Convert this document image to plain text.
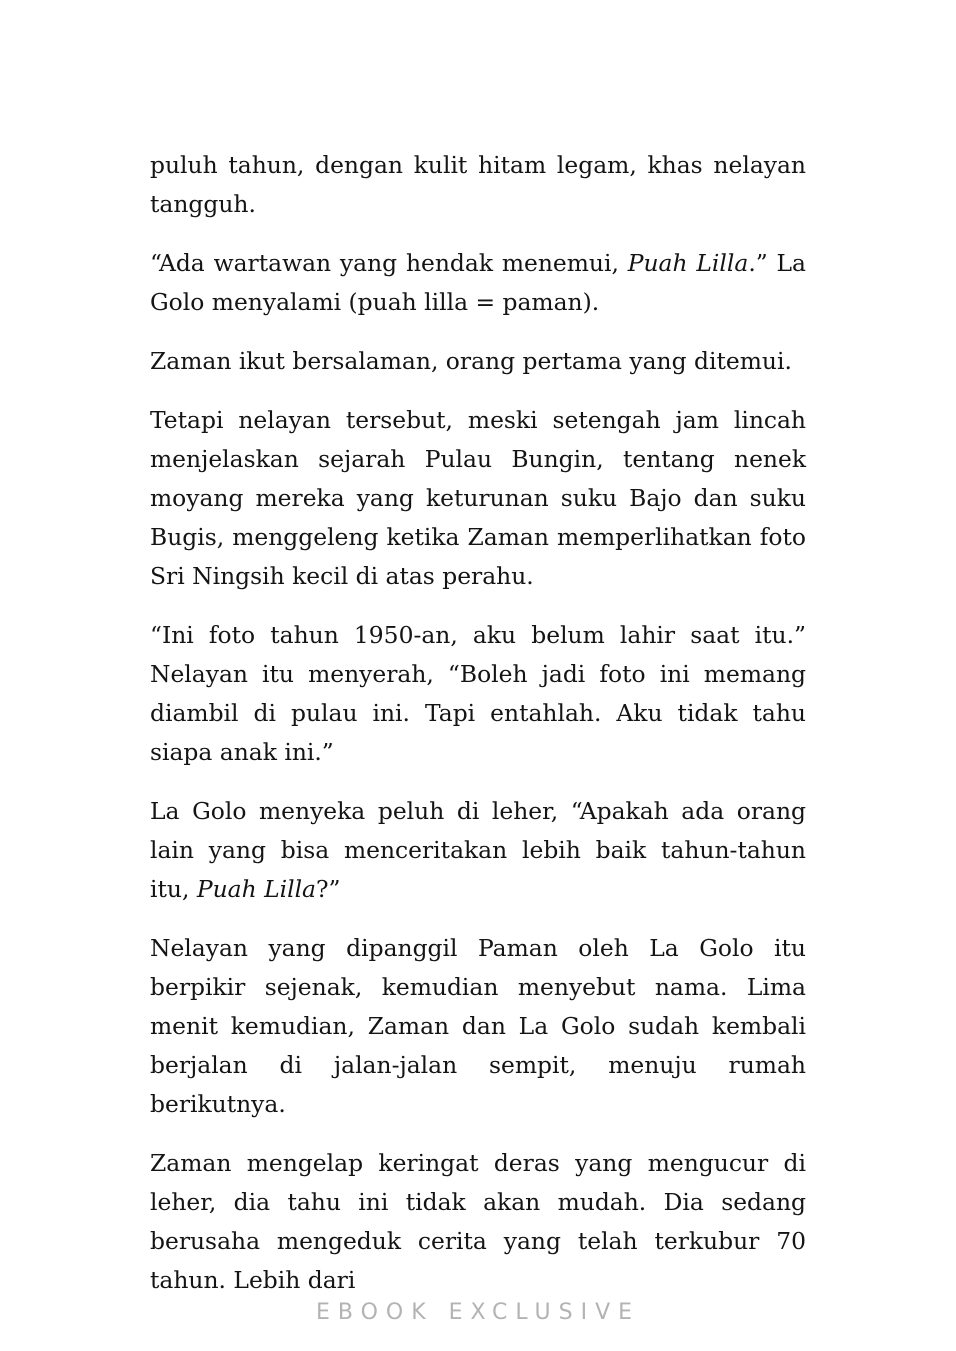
puluh tahun, dengan kulit hitam legam, khas nelayan tangguh.

“Ada wartawan yang hendak menemui, Puah Lilla.” La Golo menyalami (puah lilla = paman).

Zaman ikut bersalaman, orang pertama yang ditemui.

Tetapi nelayan tersebut, meski setengah jam lincah menjelaskan sejarah Pulau Bungin, tentang nenek moyang mereka yang keturunan suku Bajo dan suku Bugis, menggeleng ketika Zaman memperlihatkan foto Sri Ningsih kecil di atas perahu.

“Ini foto tahun 1950-an, aku belum lahir saat itu.” Nelayan itu menyerah, “Boleh jadi foto ini memang diambil di pulau ini. Tapi entahlah. Aku tidak tahu siapa anak ini.”

La Golo menyeka peluh di leher, “Apakah ada orang lain yang bisa menceritakan lebih baik tahun-tahun itu, Puah Lilla?”

Nelayan yang dipanggil Paman oleh La Golo itu berpikir sejenak, kemudian menyebut nama. Lima menit kemudian, Zaman dan La Golo sudah kembali berjalan di jalan-jalan sempit, menuju rumah berikutnya.

Zaman mengelap keringat deras yang mengucur di leher, dia tahu ini tidak akan mudah. Dia sedang berusaha mengeduk cerita yang telah terkubur 70 tahun. Lebih dari

EBOOK EXCLUSIVE
